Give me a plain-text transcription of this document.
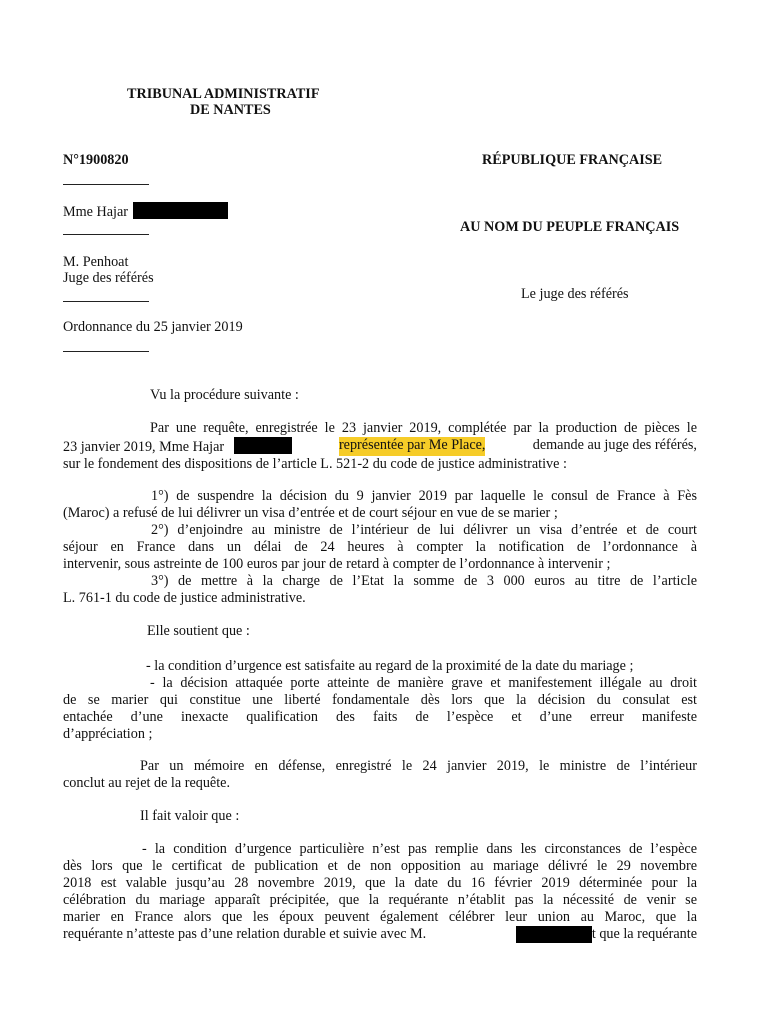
TRIBUNAL ADMINISTRATIF
DE NANTES
N°1900820	RÉPUBLIQUE FRANÇAISE
Mme Hajar
AU NOM DU PEUPLE FRANÇAIS
M. Penhoat
Juge des référés
Le juge des référés
Ordonnance du 25 janvier 2019
Vu la procédure suivante :
Par une requête, enregistrée le 23 janvier 2019, complétée par la production de pièces le
23 janvier 2019, Mme Hajar	représentée par Me Place,	demande au juge des référés,
sur le fondement des dispositions de l’article L. 521-2 du code de justice administrative :
1°) de suspendre la décision du 9 janvier 2019 par laquelle le consul de France à Fès
(Maroc) a refusé de lui délivrer un visa d’entrée et de court séjour en vue de se marier ;
2°) d’enjoindre au ministre de l’intérieur de lui délivrer un visa d’entrée et de court
séjour en France dans un délai de 24 heures à compter la notification de l’ordonnance à
intervenir, sous astreinte de 100 euros par jour de retard à compter de l’ordonnance à intervenir ;
3°) de mettre à la charge de l’Etat la somme de 3 000 euros au titre de l’article
L. 761-1 du code de justice administrative.
Elle soutient que :
- la condition d’urgence est satisfaite au regard de la proximité de la date du mariage ;
- la décision attaquée porte atteinte de manière grave et manifestement illégale au droit
de se marier qui constitue une liberté fondamentale dès lors que la décision du consulat est
entachée d’une inexacte qualification des faits de l’espèce et d’une erreur manifeste
d’appréciation ;
Par un mémoire en défense, enregistré le 24 janvier 2019, le ministre de l’intérieur
conclut au rejet de la requête.
Il fait valoir que :
- la condition d’urgence particulière n’est pas remplie dans les circonstances de l’espèce
dès lors que le certificat de publication et de non opposition au mariage délivré le 29 novembre
2018 est valable jusqu’au 28 novembre 2019, que la date du 16 février 2019 déterminée pour la
célébration du mariage apparaît précipitée, que la requérante n’établit pas la nécessité de venir se
marier en France alors que les époux peuvent également célébrer leur union au Maroc, que la
requérante n’atteste pas d’une relation durable et suivie avec M.	t que la requérante
